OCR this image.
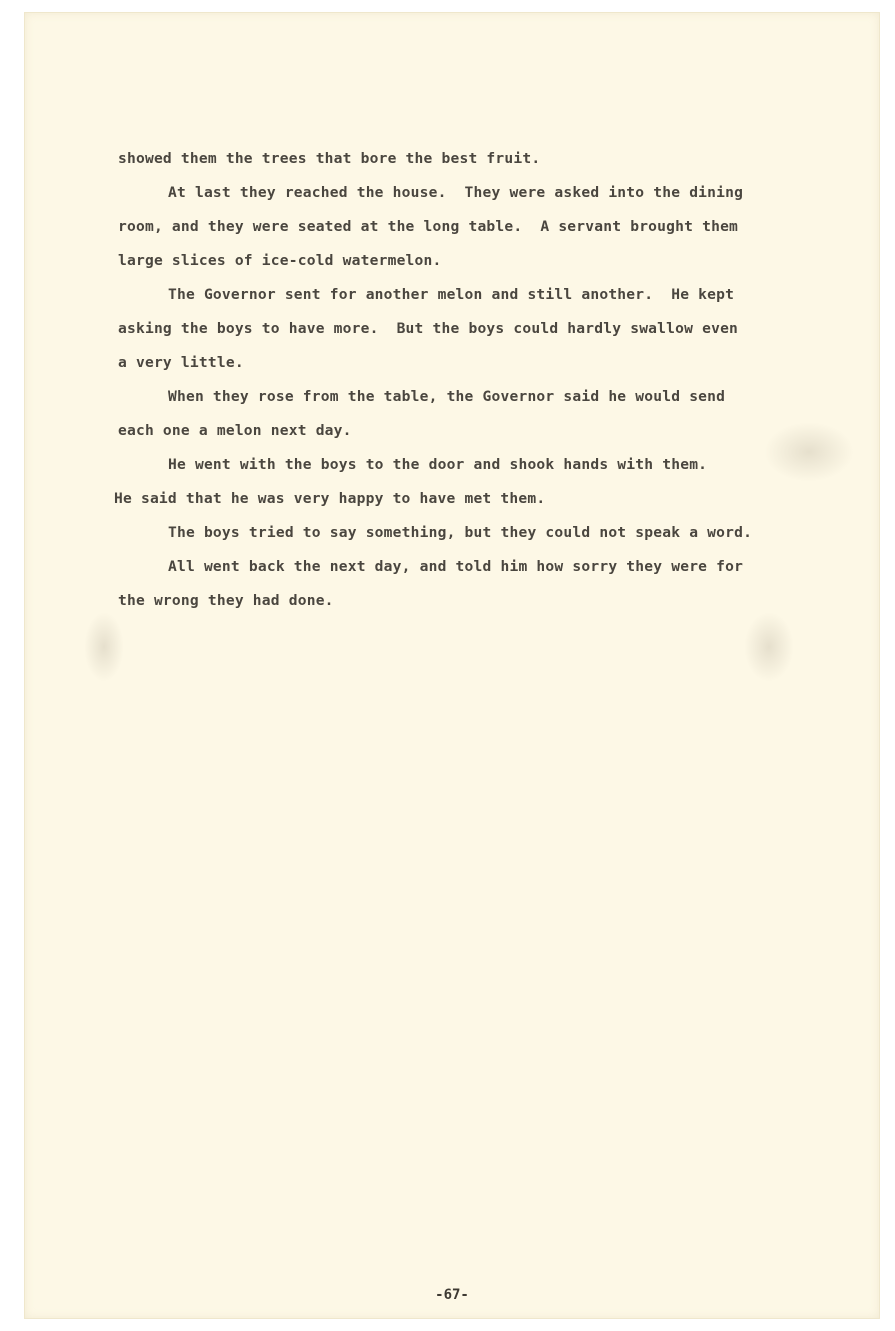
showed them the trees that bore the best fruit.
At last they reached the house.  They were asked into the dining
room, and they were seated at the long table.  A servant brought them
large slices of ice-cold watermelon.
The Governor sent for another melon and still another.  He kept
asking the boys to have more.  But the boys could hardly swallow even
a very little.
When they rose from the table, the Governor said he would send
each one a melon next day.
He went with the boys to the door and shook hands with them.
He said that he was very happy to have met them.
The boys tried to say something, but they could not speak a word.
All went back the next day, and told him how sorry they were for
the wrong they had done.
-67-
